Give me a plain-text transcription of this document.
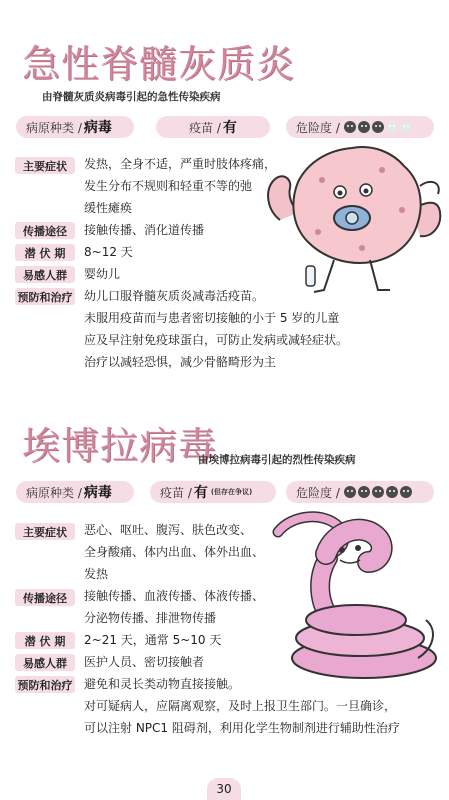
急性脊髓灰质炎
由脊髓灰质炎病毒引起的急性传染疾病
病原种类 / 病毒	疫苗 / 有	危险度 /
主要症状	发热，全身不适，严重时肢体疼痛，
发生分布不规则和轻重不等的弛
缓性瘫痪
传播途径	接触传播、消化道传播
潜 伏 期	8~12 天
易感人群	婴幼儿
预防和治疗 幼儿口服脊髓灰质炎减毒活疫苗。
未服用疫苗而与患者密切接触的小于 5 岁的儿童
应及早注射免疫球蛋白，可防止发病或减轻症状。
治疗以减轻恐惧，减少骨骼畸形为主
埃博拉病毒
由埃博拉病毒引起的烈性传染疾病
病原种类 / 病毒	疫苗 / 有 (但存在争议)	危险度 /
主要症状	恶心、呕吐、腹泻、肤色改变、
全身酸痛、体内出血、体外出血、
发热
传播途径	接触传播、血液传播、体液传播、
分泌物传播、排泄物传播
潜 伏 期	2~21 天，通常 5~10 天
易感人群	医护人员、密切接触者
预防和治疗 避免和灵长类动物直接接触。
对可疑病人，应隔离观察，及时上报卫生部门。一旦确诊，
可以注射 NPC1 阻碍剂，利用化学生物制剂进行辅助性治疗
30
